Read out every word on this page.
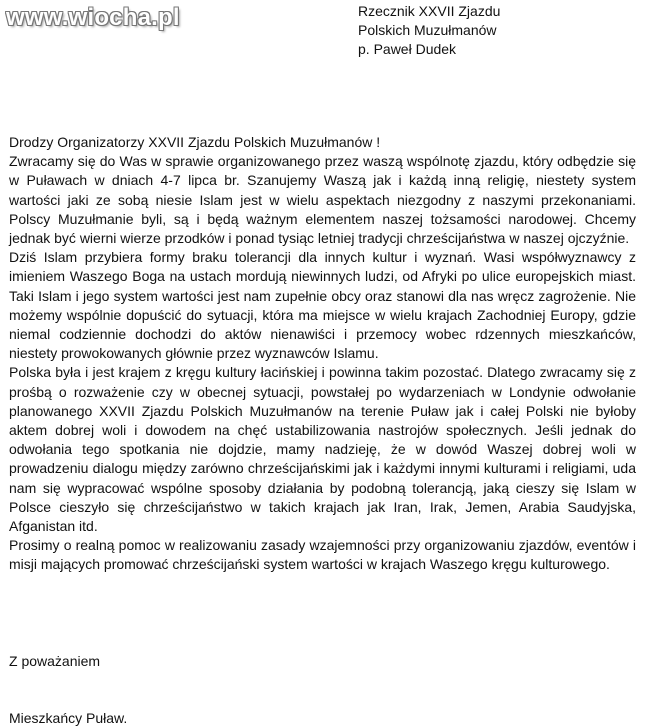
www.wiocha.pl	Rzecznik XXVII Zjazdu
Polskich Muzułmanów
p. Paweł Dudek

Drodzy Organizatorzy XXVII Zjazdu Polskich Muzułmanów !

Zwracamy się do Was w sprawie organizowanego przez waszą wspólnotę zjazdu, który odbędzie się w Puławach w dniach 4-7 lipca br. Szanujemy Waszą jak i każdą inną religię, niestety system wartości jaki ze sobą niesie Islam jest w wielu aspektach niezgodny z naszymi przekonaniami. Polscy Muzułmanie byli, są i będą ważnym elementem naszej tożsamości narodowej. Chcemy jednak być wierni wierze przodków i ponad tysiąc letniej tradycji chrześcijaństwa w naszej ojczyźnie.

Dziś Islam przybiera formy braku tolerancji dla innych kultur i wyznań. Wasi współwyznawcy z imieniem Waszego Boga na ustach mordują niewinnych ludzi, od Afryki po ulice europejskich miast. Taki Islam i jego system wartości jest nam zupełnie obcy oraz stanowi dla nas wręcz zagrożenie. Nie możemy wspólnie dopuścić do sytuacji, która ma miejsce w wielu krajach Zachodniej Europy, gdzie niemal codziennie dochodzi do aktów nienawiści i przemocy wobec rdzennych mieszkańców, niestety prowokowanych głównie przez wyznawców Islamu.

Polska była i jest krajem z kręgu kultury łacińskiej i powinna takim pozostać. Dlatego zwracamy się z prośbą o rozważenie czy w obecnej sytuacji, powstałej po wydarzeniach w Londynie odwołanie planowanego XXVII Zjazdu Polskich Muzułmanów na terenie Puław jak i całej Polski nie byłoby aktem dobrej woli i dowodem na chęć ustabilizowania nastrojów społecznych. Jeśli jednak do odwołania tego spotkania nie dojdzie, mamy nadzieję, że w dowód Waszej dobrej woli w prowadzeniu dialogu między zarówno chrześcijańskimi jak i każdymi innymi kulturami i religiami, uda nam się wypracować wspólne sposoby działania by podobną tolerancją, jaką cieszy się Islam w Polsce cieszyło się chrześcijaństwo w takich krajach jak Iran, Irak, Jemen, Arabia Saudyjska, Afganistan itd.

Prosimy o realną pomoc w realizowaniu zasady wzajemności przy organizowaniu zjazdów, eventów i misji mających promować chrześcijański system wartości w krajach Waszego kręgu kulturowego.

Z poważaniem
Mieszkańcy Puław.
